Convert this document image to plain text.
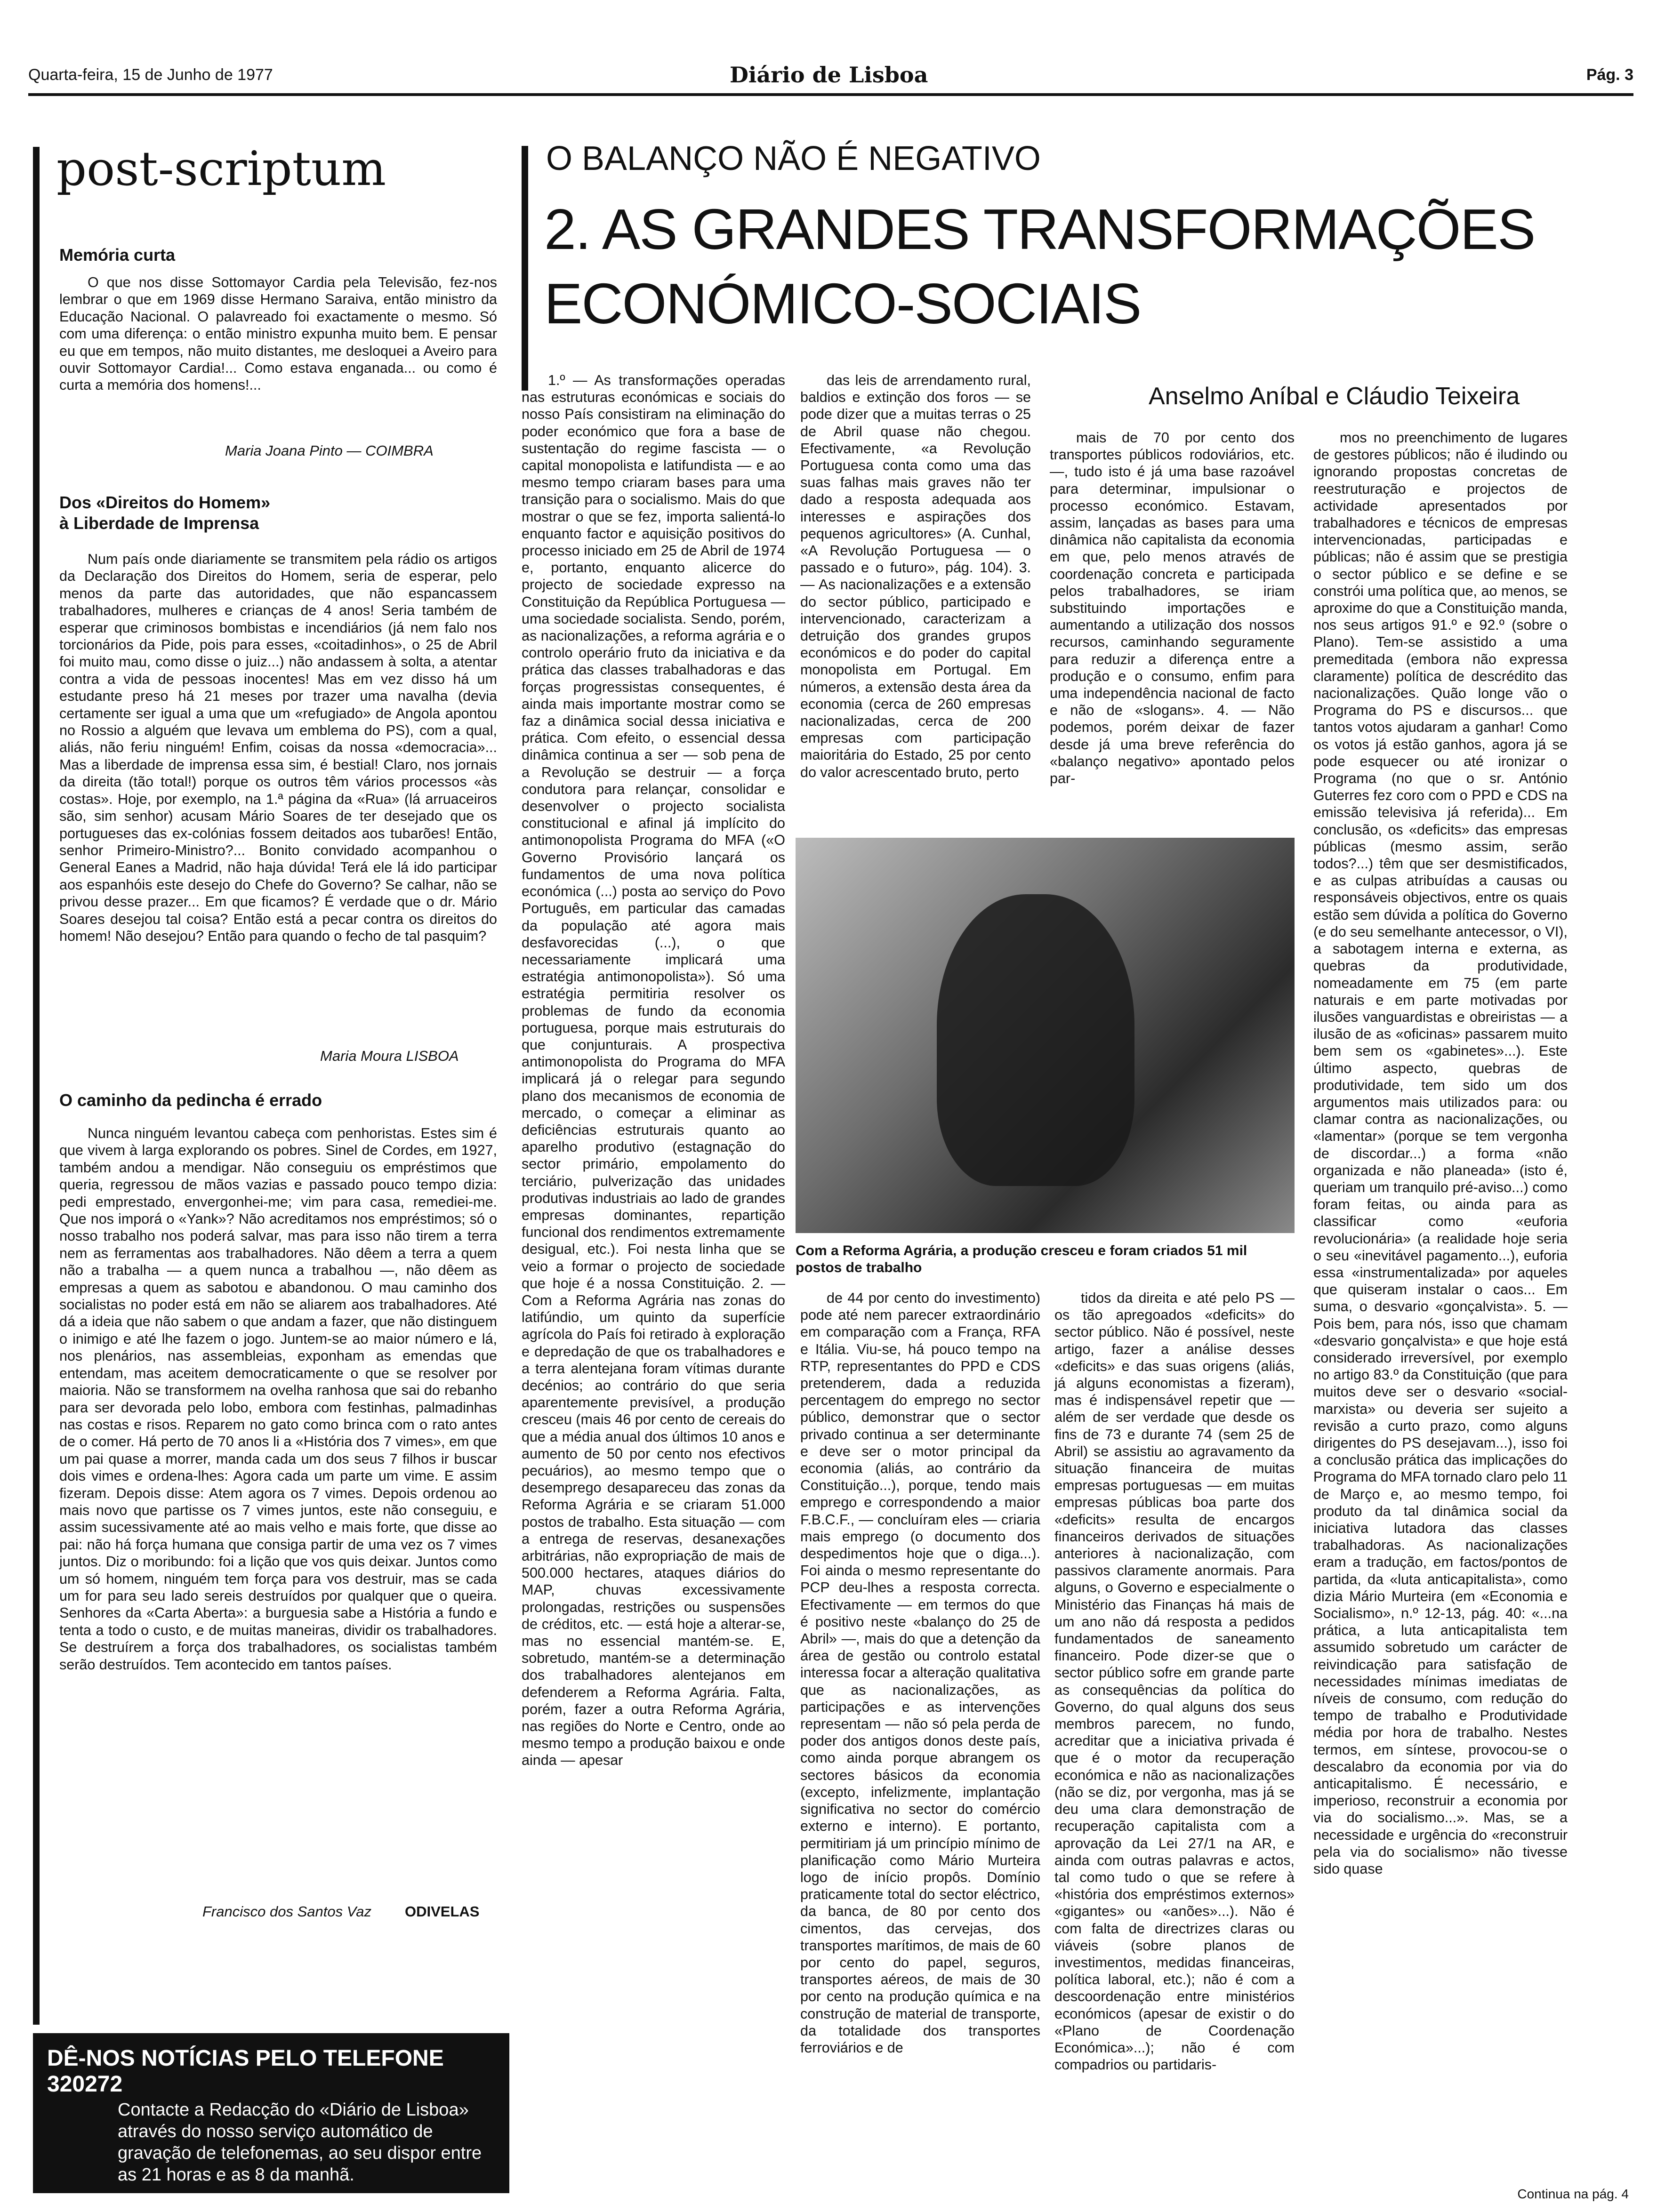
Quarta-feira, 15 de Junho de 1977	Diário de Lisboa	Pág. 3
post-scriptum
Memória curta

O que nos disse Sottomayor Cardia pela Televisão, fez-nos lembrar o que em 1969 disse Hermano Saraiva, então ministro da Educação Nacional. O palavreado foi exactamente o mesmo. Só com uma diferença: o então ministro expunha muito bem. E pensar eu que em tempos, não muito distantes, me desloquei a Aveiro para ouvir Sottomayor Cardia!... Como estava enganada... ou como é curta a memória dos homens!...

Maria Joana Pinto — COIMBRA
Dos «Direitos do Homem»
à Liberdade de Imprensa

Num país onde diariamente se transmitem pela rádio os artigos da Declaração dos Direitos do Homem, seria de esperar, pelo menos da parte das autoridades, que não espancassem trabalhadores, mulheres e crianças de 4 anos! Seria também de esperar que criminosos bombistas e incendiários (já nem falo nos torcionários da Pide, pois para esses, «coitadinhos», o 25 de Abril foi muito mau, como disse o juiz...) não andassem à solta, a atentar contra a vida de pessoas inocentes! Mas em vez disso há um estudante preso há 21 meses por trazer uma navalha (devia certamente ser igual a uma que um «refugiado» de Angola apontou no Rossio a alguém que levava um emblema do PS), com a qual, aliás, não feriu ninguém! Enfim, coisas da nossa «democracia»... Mas a liberdade de imprensa essa sim, é bestial! Claro, nos jornais da direita (tão total!) porque os outros têm vários processos «às costas». Hoje, por exemplo, na 1.ª página da «Rua» (lá arruaceiros são, sim senhor) acusam Mário Soares de ter desejado que os portugueses das ex-colónias fossem deitados aos tubarões! Então, senhor Primeiro-Ministro?... Bonito convidado acompanhou o General Eanes a Madrid, não haja dúvida! Terá ele lá ido participar aos espanhóis este desejo do Chefe do Governo? Se calhar, não se privou desse prazer... Em que ficamos? É verdade que o dr. Mário Soares desejou tal coisa? Então está a pecar contra os direitos do homem! Não desejou? Então para quando o fecho de tal pasquim?

Maria Moura LISBOA
O caminho da pedincha é errado

Nunca ninguém levantou cabeça com penhoristas. Estes sim é que vivem à larga explorando os pobres. Sinel de Cordes, em 1927, também andou a mendigar. Não conseguiu os empréstimos que queria, regressou de mãos vazias e passado pouco tempo dizia: pedi emprestado, envergonhei-me; vim para casa, remediei-me. Que nos imporá o «Yank»? Não acreditamos nos empréstimos; só o nosso trabalho nos poderá salvar, mas para isso não tirem a terra nem as ferramentas aos trabalhadores. Não dêem a terra a quem não a trabalha — a quem nunca a trabalhou —, não dêem as empresas a quem as sabotou e abandonou. O mau caminho dos socialistas no poder está em não se aliarem aos trabalhadores. Até dá a ideia que não sabem o que andam a fazer, que não distinguem o inimigo e até lhe fazem o jogo. Juntem-se ao maior número e lá, nos plenários, nas assembleias, exponham as emendas que entendam, mas aceitem democraticamente o que se resolver por maioria. Não se transformem na ovelha ranhosa que sai do rebanho para ser devorada pelo lobo, embora com festinhas, palmadinhas nas costas e risos. Reparem no gato como brinca com o rato antes de o comer. Há perto de 70 anos li a «História dos 7 vimes», em que um pai quase a morrer, manda cada um dos seus 7 filhos ir buscar dois vimes e ordena-lhes: Agora cada um parte um vime. E assim fizeram. Depois disse: Atem agora os 7 vimes. Depois ordenou ao mais novo que partisse os 7 vimes juntos, este não conseguiu, e assim sucessivamente até ao mais velho e mais forte, que disse ao pai: não há força humana que consiga partir de uma vez os 7 vimes juntos. Diz o moribundo: foi a lição que vos quis deixar. Juntos como um só homem, ninguém tem força para vos destruir, mas se cada um for para seu lado sereis destruídos por qualquer que o queira. Senhores da «Carta Aberta»: a burguesia sabe a História a fundo e tenta a todo o custo, e de muitas maneiras, dividir os trabalhadores. Se destruírem a força dos trabalhadores, os socialistas também serão destruídos. Tem acontecido em tantos países.

Francisco dos Santos Vaz ODIVELAS
DÊ-NOS NOTÍCIAS PELO TELEFONE 320272
Contacte a Redacção do «Diário de Lisboa» através do nosso serviço automático de gravação de telefonemas, ao seu dispor entre as 21 horas e as 8 da manhã.
O BALANÇO NÃO É NEGATIVO
2. AS GRANDES TRANSFORMAÇÕES
ECONÓMICO-SOCIAIS
Anselmo Aníbal e Cláudio Teixeira

1.º — As transformações operadas nas estruturas económicas e sociais do nosso País consistiram na eliminação do poder económico que fora a base de sustentação do regime fascista — o capital monopolista e latifundista — e ao mesmo tempo criaram bases para uma transição para o socialismo. Mais do que mostrar o que se fez, importa salientá-lo enquanto factor e aquisição positivos do processo iniciado em 25 de Abril de 1974 e, portanto, enquanto alicerce do projecto de sociedade expresso na Constituição da República Portuguesa — uma sociedade socialista. Sendo, porém, as nacionalizações, a reforma agrária e o controlo operário fruto da iniciativa e da prática das classes trabalhadoras e das forças progressistas consequentes, é ainda mais importante mostrar como se faz a dinâmica social dessa iniciativa e prática. Com efeito, o essencial dessa dinâmica continua a ser — sob pena de a Revolução se destruir — a força condutora para relançar, consolidar e desenvolver o projecto socialista constitucional e afinal já implícito do antimonopolista Programa do MFA («O Governo Provisório lançará os fundamentos de uma nova política económica (...) posta ao serviço do Povo Português, em particular das camadas da população até agora mais desfavorecidas (...), o que necessariamente implicará uma estratégia antimonopolista»). Só uma estratégia permitiria resolver os problemas de fundo da economia portuguesa, porque mais estruturais do que conjunturais. A prospectiva antimonopolista do Programa do MFA implicará já o relegar para segundo plano dos mecanismos de economia de mercado, o começar a eliminar as deficiências estruturais quanto ao aparelho produtivo (estagnação do sector primário, empolamento do terciário, pulverização das unidades produtivas industriais ao lado de grandes empresas dominantes, repartição funcional dos rendimentos extremamente desigual, etc.). Foi nesta linha que se veio a formar o projecto de sociedade que hoje é a nossa Constituição. 2. — Com a Reforma Agrária nas zonas do latifúndio, um quinto da superfície agrícola do País foi retirado à exploração e depredação de que os trabalhadores e a terra alentejana foram vítimas durante decénios; ao contrário do que seria aparentemente previsível, a produção cresceu (mais 46 por cento de cereais do que a média anual dos últimos 10 anos e aumento de 50 por cento nos efectivos pecuários), ao mesmo tempo que o desemprego desapareceu das zonas da Reforma Agrária e se criaram 51.000 postos de trabalho. Esta situação — com a entrega de reservas, desanexações arbitrárias, não expropriação de mais de 500.000 hectares, ataques diários do MAP, chuvas excessivamente prolongadas, restrições ou suspensões de créditos, etc. — está hoje a alterar-se, mas no essencial mantém-se. E, sobretudo, mantém-se a determinação dos trabalhadores alentejanos em defenderem a Reforma Agrária. Falta, porém, fazer a outra Reforma Agrária, nas regiões do Norte e Centro, onde ao mesmo tempo a produção baixou e onde ainda — apesar

das leis de arrendamento rural, baldios e extinção dos foros — se pode dizer que a muitas terras o 25 de Abril quase não chegou. Efectivamente, «a Revolução Portuguesa conta como uma das suas falhas mais graves não ter dado a resposta adequada aos interesses e aspirações dos pequenos agricultores» (A. Cunhal, «A Revolução Portuguesa — o passado e o futuro», pág. 104). 3. — As nacionalizações e a extensão do sector público, participado e intervencionado, caracterizam a detruição dos grandes grupos económicos e do poder do capital monopolista em Portugal. Em números, a extensão desta área da economia (cerca de 260 empresas nacionalizadas, cerca de 200 empresas com participação maioritária do Estado, 25 por cento do valor acrescentado bruto, perto

mais de 70 por cento dos transportes públicos rodoviários, etc. —, tudo isto é já uma base razoável para determinar, impulsionar o processo económico. Estavam, assim, lançadas as bases para uma dinâmica não capitalista da economia em que, pelo menos através de coordenação concreta e participada pelos trabalhadores, se iriam substituindo importações e aumentando a utilização dos nossos recursos, caminhando seguramente para reduzir a diferença entre a produção e o consumo, enfim para uma independência nacional de facto e não de «slogans». 4. — Não podemos, porém deixar de fazer desde já uma breve referência do «balanço negativo» apontado pelos par-

Com a Reforma Agrária, a produção cresceu e foram criados 51 mil postos de trabalho

de 44 por cento do investimento) pode até nem parecer extraordinário em comparação com a França, RFA e Itália. Viu-se, há pouco tempo na RTP, representantes do PPD e CDS pretenderem, dada a reduzida percentagem do emprego no sector público, demonstrar que o sector privado continua a ser determinante e deve ser o motor principal da economia (aliás, ao contrário da Constituição...), porque, tendo mais emprego e correspondendo a maior F.B.C.F., — concluíram eles — criaria mais emprego (o documento dos despedimentos hoje que o diga...). Foi ainda o mesmo representante do PCP deu-lhes a resposta correcta. Efectivamente — em termos do que é positivo neste «balanço do 25 de Abril» —, mais do que a detenção da área de gestão ou controlo estatal interessa focar a alteração qualitativa que as nacionalizações, as participações e as intervenções representam — não só pela perda de poder dos antigos donos deste país, como ainda porque abrangem os sectores básicos da economia (excepto, infelizmente, implantação significativa no sector do comércio externo e interno). E portanto, permitiriam já um princípio mínimo de planificação como Mário Murteira logo de início propôs. Domínio praticamente total do sector eléctrico, da banca, de 80 por cento dos cimentos, das cervejas, dos transportes marítimos, de mais de 60 por cento do papel, seguros, transportes aéreos, de mais de 30 por cento na produção química e na construção de material de transporte, da totalidade dos transportes ferroviários e de

tidos da direita e até pelo PS — os tão apregoados «deficits» do sector público. Não é possível, neste artigo, fazer a análise desses «deficits» e das suas origens (aliás, já alguns economistas a fizeram), mas é indispensável repetir que — além de ser verdade que desde os fins de 73 e durante 74 (sem 25 de Abril) se assistiu ao agravamento da situação financeira de muitas empresas portuguesas — em muitas empresas públicas boa parte dos «deficits» resulta de encargos financeiros derivados de situações anteriores à nacionalização, com passivos claramente anormais. Para alguns, o Governo e especialmente o Ministério das Finanças há mais de um ano não dá resposta a pedidos fundamentados de saneamento financeiro. Pode dizer-se que o sector público sofre em grande parte as consequências da política do Governo, do qual alguns dos seus membros parecem, no fundo, acreditar que a iniciativa privada é que é o motor da recuperação económica e não as nacionalizações (não se diz, por vergonha, mas já se deu uma clara demonstração de recuperação capitalista com a aprovação da Lei 27/1 na AR, e ainda com outras palavras e actos, tal como tudo o que se refere à «história dos empréstimos externos» «gigantes» ou «anões»...). Não é com falta de directrizes claras ou viáveis (sobre planos de investimentos, medidas financeiras, política laboral, etc.); não é com a descoordenação entre ministérios económicos (apesar de existir o do «Plano de Coordenação Económica»...); não é com compadrios ou partidaris-

mos no preenchimento de lugares de gestores públicos; não é iludindo ou ignorando propostas concretas de reestruturação e projectos de actividade apresentados por trabalhadores e técnicos de empresas intervencionadas, participadas e públicas; não é assim que se prestigia o sector público e se define e se constrói uma política que, ao menos, se aproxime do que a Constituição manda, nos seus artigos 91.º e 92.º (sobre o Plano). Tem-se assistido a uma premeditada (embora não expressa claramente) política de descrédito das nacionalizações. Quão longe vão o Programa do PS e discursos... que tantos votos ajudaram a ganhar! Como os votos já estão ganhos, agora já se pode esquecer ou até ironizar o Programa (no que o sr. António Guterres fez coro com o PPD e CDS na emissão televisiva já referida)... Em conclusão, os «deficits» das empresas públicas (mesmo assim, serão todos?...) têm que ser desmistificados, e as culpas atribuídas a causas ou responsáveis objectivos, entre os quais estão sem dúvida a política do Governo (e do seu semelhante antecessor, o VI), a sabotagem interna e externa, as quebras da produtividade, nomeadamente em 75 (em parte naturais e em parte motivadas por ilusões vanguardistas e obreiristas — a ilusão de as «oficinas» passarem muito bem sem os «gabinetes»...). Este último aspecto, quebras de produtividade, tem sido um dos argumentos mais utilizados para: ou clamar contra as nacionalizações, ou «lamentar» (porque se tem vergonha de discordar...) a forma «não organizada e não planeada» (isto é, queriam um tranquilo pré-aviso...) como foram feitas, ou ainda para as classificar como «euforia revolucionária» (a realidade hoje seria o seu «inevitável pagamento...), euforia essa «instrumentalizada» por aqueles que quiseram instalar o caos... Em suma, o desvario «gonçalvista». 5. — Pois bem, para nós, isso que chamam «desvario gonçalvista» e que hoje está considerado irreversível, por exemplo no artigo 83.º da Constituição (que para muitos deve ser o desvario «social-marxista» ou deveria ser sujeito a revisão a curto prazo, como alguns dirigentes do PS desejavam...), isso foi a conclusão prática das implicações do Programa do MFA tornado claro pelo 11 de Março e, ao mesmo tempo, foi produto da tal dinâmica social da iniciativa lutadora das classes trabalhadoras. As nacionalizações eram a tradução, em factos/pontos de partida, da «luta anticapitalista», como dizia Mário Murteira (em «Economia e Socialismo», n.º 12-13, pág. 40: «...na prática, a luta anticapitalista tem assumido sobretudo um carácter de reivindicação para satisfação de necessidades mínimas imediatas de níveis de consumo, com redução do tempo de trabalho e Produtividade média por hora de trabalho. Nestes termos, em síntese, provocou-se o descalabro da economia por via do anticapitalismo. É necessário, e imperioso, reconstruir a economia por via do socialismo...». Mas, se a necessidade e urgência do «reconstruir pela via do socialismo» não tivesse sido quase

Continua na pág. 4
